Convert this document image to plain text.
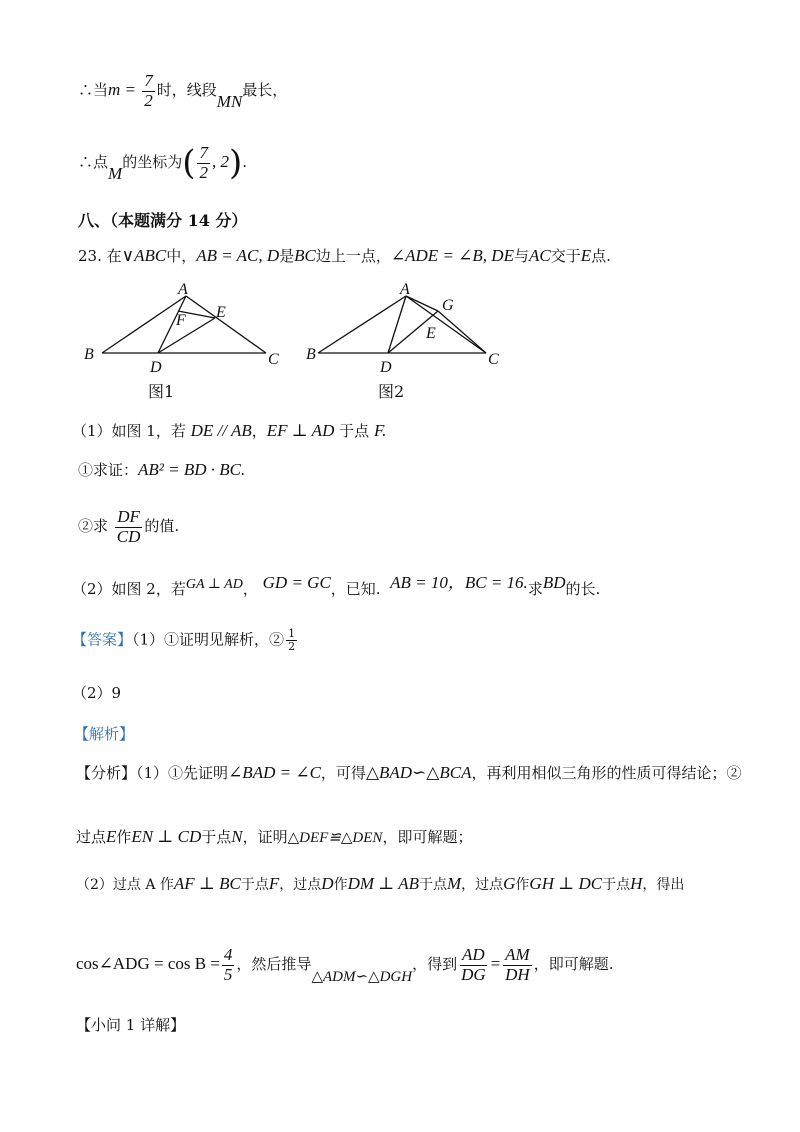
∴当$m = \frac{7}{2}$ 时，线段MN最长，
∴点M的坐标为( $\frac{7}{2}$ , 2).
八、（本题满分 14 分）
23. 在∨ABC中，AB = AC, D是BC边上一点，∠ADE = ∠B, DE与AC交于E点.
A
B	C
D
E
F
图1
A
B	C
D
E
G
图2
（1）如图 1，若 DE // AB，EF ⊥ AD 于点 F.
①求证：AB² = BD · BC.
②求 $\frac{DF}{CD}$ 的值.
（2）如图 2，若GA ⊥ AD， GD = GC，已知. AB = 10，BC = 16.求BD的长.
【答案】（1）①证明见解析，② $\frac{1}{2}$
（2）9
【解析】
【分析】（1）①先证明∠BAD = ∠C，可得△BAD∽△BCA，再利用相似三角形的性质可得结论；②
过点E作EN ⊥ CD于点N，证明△DEF≌△DEN，即可解题；
（2）过点 A 作AF ⊥ BC于点F，过点D作DM ⊥ AB于点M，过点G作GH ⊥ DC于点H，得出
cos∠ADG = $\cos B = \frac{4}{5}$ ，然后推导△ADM∽△DGH，得到 $\frac{AD}{DG} = \frac{AM}{DH}$ ，即可解题.
【小问 1 详解】
